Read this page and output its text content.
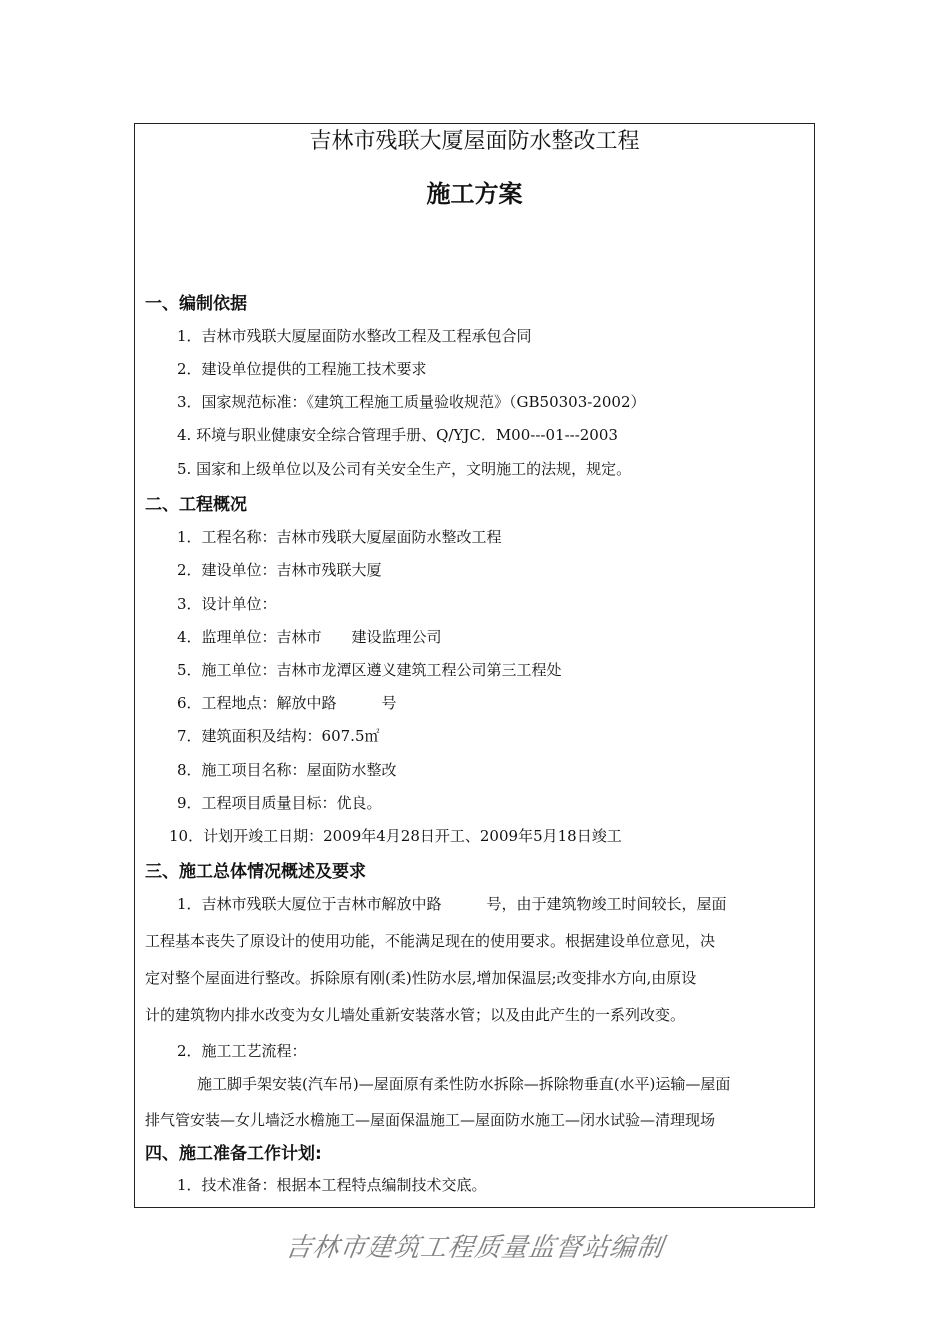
吉林市残联大厦屋面防水整改工程
施工方案
一、编制依据
1．吉林市残联大厦屋面防水整改工程及工程承包合同
2．建设单位提供的工程施工技术要求
3．国家规范标准：《建筑工程施工质量验收规范》（GB50303-2002）
4. 环境与职业健康安全综合管理手册、Q/YJC．M00---01---2003
5. 国家和上级单位以及公司有关安全生产，文明施工的法规，规定。
二、工程概况
1．工程名称：吉林市残联大厦屋面防水整改工程
2．建设单位：吉林市残联大厦
3．设计单位：
4．监理单位：吉林市　　建设监理公司
5．施工单位：吉林市龙潭区遵义建筑工程公司第三工程处
6．工程地点：解放中路　　　号
7．建筑面积及结构：607.5㎡
8．施工项目名称：屋面防水整改
9．工程项目质量目标：优良。
10．计划开竣工日期：2009年4月28日开工、2009年5月18日竣工
三、施工总体情况概述及要求
1．吉林市残联大厦位于吉林市解放中路　　　号，由于建筑物竣工时间较长，屋面
工程基本丧失了原设计的使用功能，不能满足现在的使用要求。根据建设单位意见，决
定对整个屋面进行整改。拆除原有刚(柔)性防水层,增加保温层;改变排水方向,由原设
计的建筑物内排水改变为女儿墙处重新安装落水管；以及由此产生的一系列改变。
2．施工工艺流程：
施工脚手架安装(汽车吊)—屋面原有柔性防水拆除—拆除物垂直(水平)运输—屋面
排气管安装—女儿墙泛水檐施工—屋面保温施工—屋面防水施工—闭水试验—清理现场
四、施工准备工作计划:
1．技术准备：根据本工程特点编制技术交底。
吉林市建筑工程质量监督站编制
